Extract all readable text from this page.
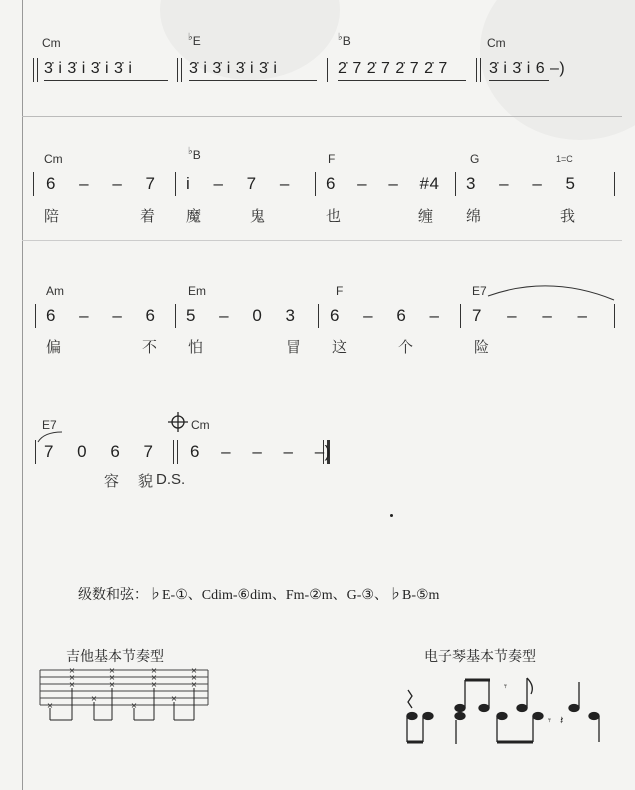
Cm	♭E	♭B	Cm
3̇ i 3̇ i 3̇ i 3̇ i	3̇ i 3̇ i 3̇ i 3̇ i	2̇ 7 2̇ 7 2̇ 7 2̇ 7	3̇ i 3̇ i 6 –)
Cm
♭B	F	G	1=C
6 – – 7 i – 7 – 6 – – #4 3 – – 5
陪	着 魔	鬼	也	缠 绵	我
Am	Em	F	E7
6 – – 6 5 – 0 3 6 – 6 – 7 – – –
偏	不 怕	冒 这	个	险
E7	Cm
7 0 6 7 6 – – – –)
容 貌 D.S.
级数和弦：♭E-①、Cdim-⑥dim、Fm-②m、G-③、♭B-⑤m
吉他基本节奏型
×
×
×
×
×
×
×
×
×
×
×
×
×
×
×
×
电子琴基本节奏型
𝄾
𝄾 𝄽
